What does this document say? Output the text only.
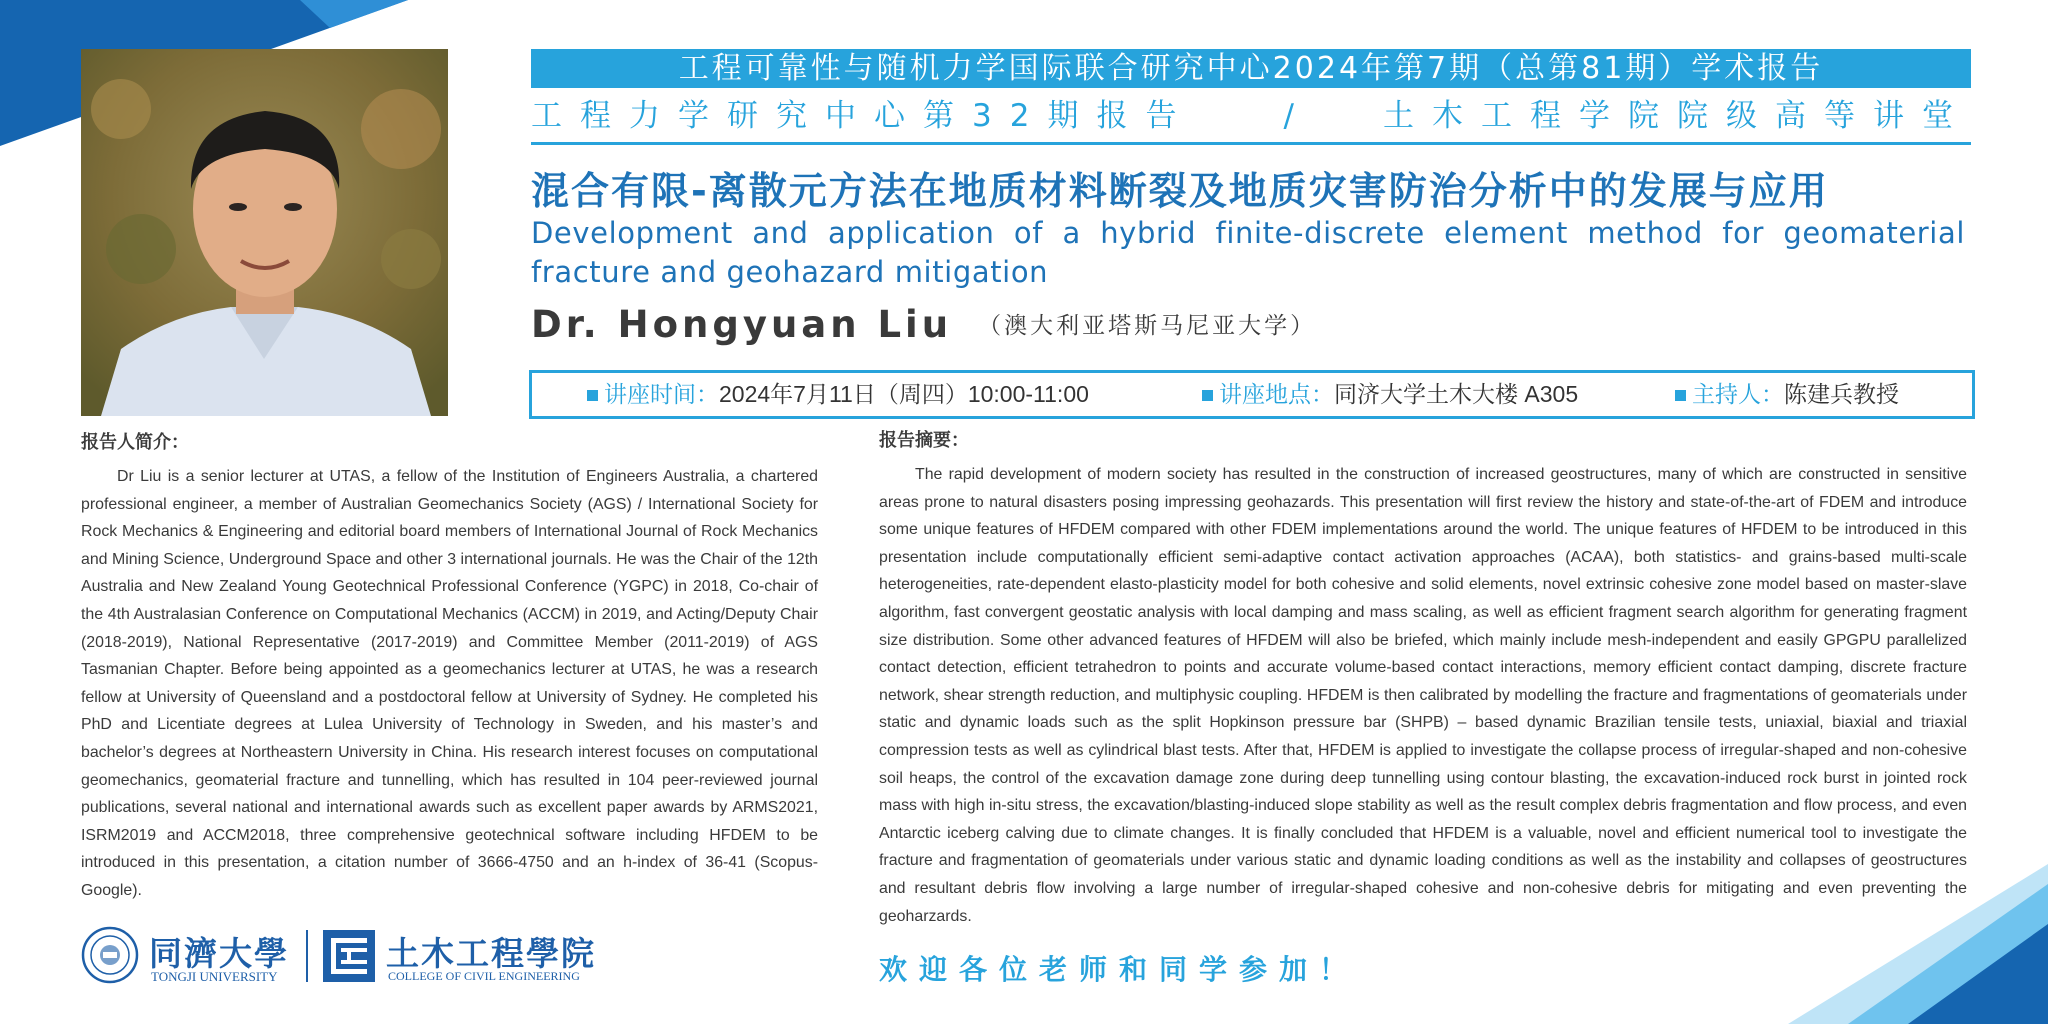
工程可靠性与随机力学国际联合研究中心2024年第7期（总第81期）学术报告
工程力学研究中心第32期报告	/	土木工程学院院级高等讲堂
混合有限-离散元方法在地质材料断裂及地质灾害防治分析中的发展与应用
Development and application of a hybrid finite-discrete element method for geomaterial fracture and geohazard mitigation
Dr. Hongyuan Liu （澳大利亚塔斯马尼亚大学）
讲座时间：2024年7月11日（周四）10:00-11:00	讲座地点：同济大学土木大楼 A305	主持人：陈建兵教授
报告人简介：
Dr Liu is a senior lecturer at UTAS, a fellow of the Institution of Engineers Australia, a chartered professional engineer, a member of Australian Geomechanics Society (AGS) / International Society for Rock Mechanics & Engineering and editorial board members of International Journal of Rock Mechanics and Mining Science, Underground Space and other 3 international journals. He was the Chair of the 12th Australia and New Zealand Young Geotechnical Professional Conference (YGPC) in 2018, Co-chair of the 4th Australasian Conference on Computational Mechanics (ACCM) in 2019, and Acting/Deputy Chair (2018-2019), National Representative (2017-2019) and Committee Member (2011-2019) of AGS Tasmanian Chapter. Before being appointed as a geomechanics lecturer at UTAS, he was a research fellow at University of Queensland and a postdoctoral fellow at University of Sydney. He completed his PhD and Licentiate degrees at Lulea University of Technology in Sweden, and his master’s and bachelor’s degrees at Northeastern University in China. His research interest focuses on computational geomechanics, geomaterial fracture and tunnelling, which has resulted in 104 peer-reviewed journal publications, several national and international awards such as excellent paper awards by ARMS2021, ISRM2019 and ACCM2018, three comprehensive geotechnical software including HFDEM to be introduced in this presentation, a citation number of 3666-4750 and an h-index of 36-41 (Scopus-Google).
报告摘要：
The rapid development of modern society has resulted in the construction of increased geostructures, many of which are constructed in sensitive areas prone to natural disasters posing impressing geohazards. This presentation will first review the history and state-of-the-art of FDEM and introduce some unique features of HFDEM compared with other FDEM implementations around the world. The unique features of HFDEM to be introduced in this presentation include computationally efficient semi-adaptive contact activation approaches (ACAA), both statistics- and grains-based multi-scale heterogeneities, rate-dependent elasto-plasticity model for both cohesive and solid elements, novel extrinsic cohesive zone model based on master-slave algorithm, fast convergent geostatic analysis with local damping and mass scaling, as well as efficient fragment search algorithm for generating fragment size distribution. Some other advanced features of HFDEM will also be briefed, which mainly include mesh-independent and easily GPGPU parallelized contact detection, efficient tetrahedron to points and accurate volume-based contact interactions, memory efficient contact damping, discrete fracture network, shear strength reduction, and multiphysic coupling. HFDEM is then calibrated by modelling the fracture and fragmentations of geomaterials under static and dynamic loads such as the split Hopkinson pressure bar (SHPB) – based dynamic Brazilian tensile tests, uniaxial, biaxial and triaxial compression tests as well as cylindrical blast tests. After that, HFDEM is applied to investigate the collapse process of irregular-shaped and non-cohesive soil heaps, the control of the excavation damage zone during deep tunnelling using contour blasting, the excavation-induced rock burst in jointed rock mass with high in-situ stress, the excavation/blasting-induced slope stability as well as the result complex debris fragmentation and flow process, and even Antarctic iceberg calving due to climate changes. It is finally concluded that HFDEM is a valuable, novel and efficient numerical tool to investigate the fracture and fragmentation of geomaterials under various static and dynamic loading conditions as well as the instability and collapses of geostructures and resultant debris flow involving a large number of irregular-shaped cohesive and non-cohesive debris for mitigating and even preventing the geoharzards.
欢迎各位老师和同学参加！
同濟大學
TONGJI UNIVERSITY
土木工程學院
COLLEGE OF CIVIL ENGINEERING
